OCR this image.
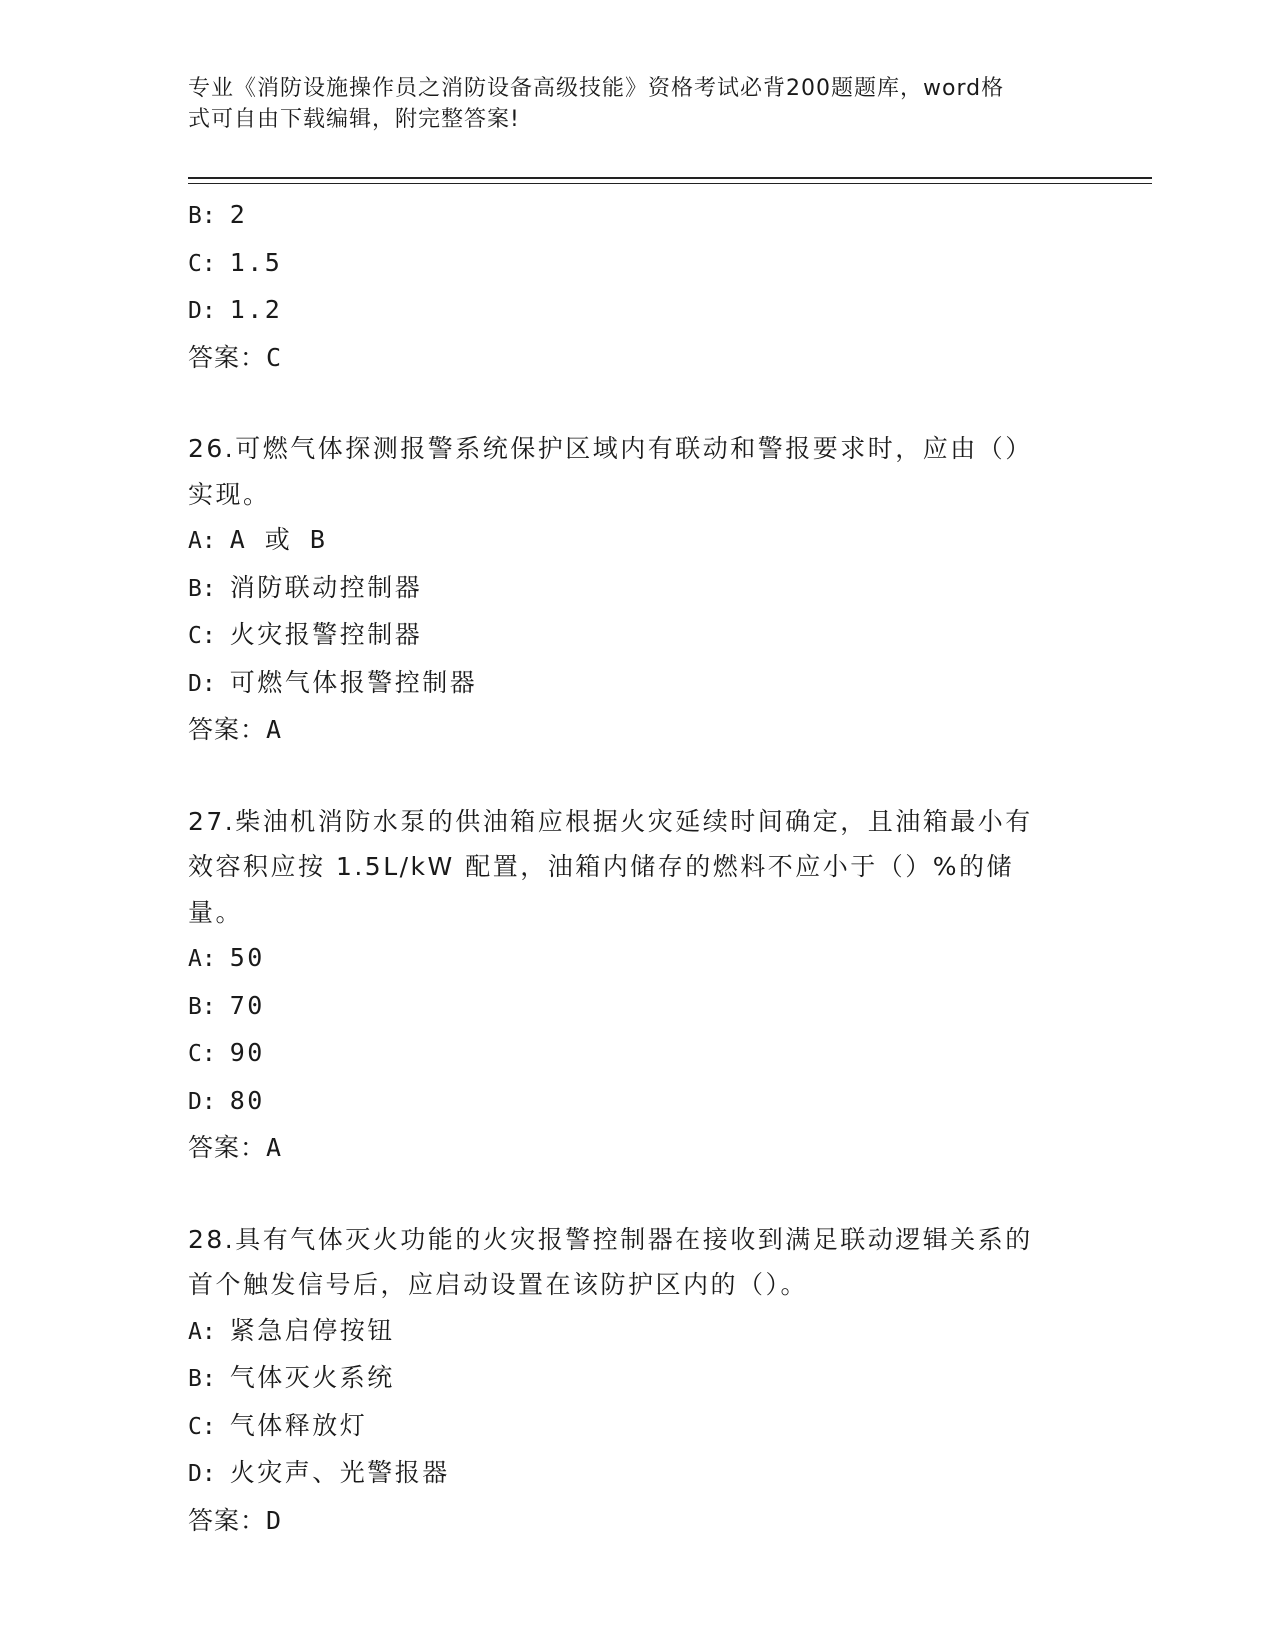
专业《消防设施操作员之消防设备高级技能》资格考试必背200题题库，word格
式可自由下载编辑，附完整答案!
B: 2
C: 1.5
D: 1.2
答案：C
26.可燃气体探测报警系统保护区域内有联动和警报要求时，应由（）
实现。
A: A 或 B
B: 消防联动控制器
C: 火灾报警控制器
D: 可燃气体报警控制器
答案：A
27.柴油机消防水泵的供油箱应根据火灾延续时间确定，且油箱最小有
效容积应按 1.5L/kW 配置，油箱内储存的燃料不应小于（）%的储量。
A: 50
B: 70
C: 90
D: 80
答案：A
28.具有气体灭火功能的火灾报警控制器在接收到满足联动逻辑关系的
首个触发信号后，应启动设置在该防护区内的（）。
A: 紧急启停按钮
B: 气体灭火系统
C: 气体释放灯
D: 火灾声、光警报器
答案：D
